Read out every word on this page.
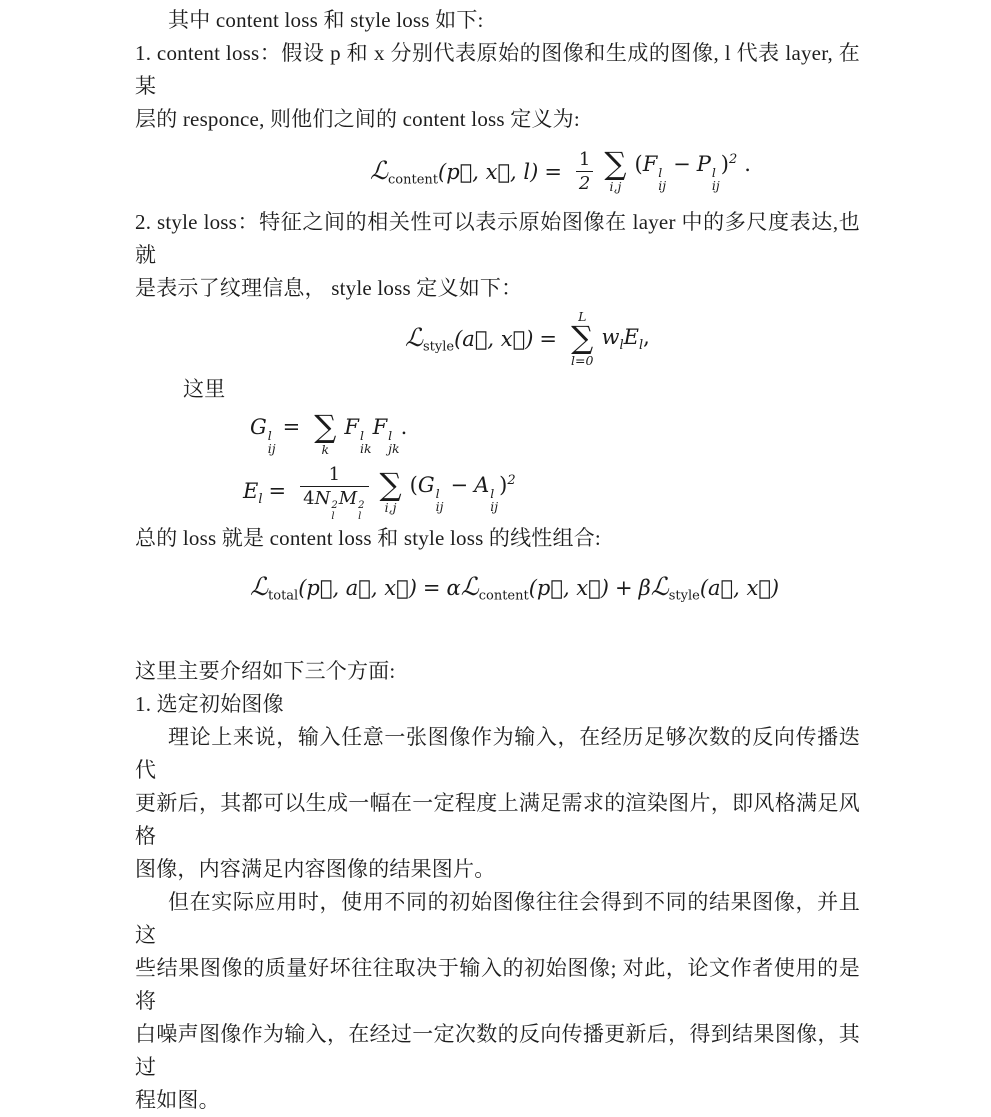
其中 content loss 和 style loss 如下:
1. content loss：假设 p 和 x 分别代表原始的图像和生成的图像, l 代表 layer, 在某
层的 responce, 则他们之间的 content loss 定义为:
ℒ$_{content}$(p⃗, x⃗, $l) = \frac{1}{2}$ ∑
i,j
(F l
ij
− P l
ij
)$^2$ .
2. style loss：特征之间的相关性可以表示原始图像在 layer 中的多尺度表达,也就
是表示了纹理信息， style loss 定义如下：
ℒ$_{style}$(a⃗, x⃗) =
L
∑
l=0
$w_lE_l$,
这里
G l
ij
= ∑
k
F l
ik
F l
jk
.
$E_l = 1$
4N 2
l
M 2
l ∑
i,j
(G l
ij
− A l
ij
)$^2$
总的 loss 就是 content loss 和 style loss 的线性组合:
ℒ$_{total}$(p⃗, a⃗, x⃗) = αℒ$_{content}$(p⃗, x⃗) + βℒ$_{style}$(a⃗, x⃗)
这里主要介绍如下三个方面:
1. 选定初始图像
理论上来说，输入任意一张图像作为输入，在经历足够次数的反向传播迭代
更新后，其都可以生成一幅在一定程度上满足需求的渲染图片，即风格满足风格
图像，内容满足内容图像的结果图片。
但在实际应用时，使用不同的初始图像往往会得到不同的结果图像，并且这
些结果图像的质量好坏往往取决于输入的初始图像; 对此，论文作者使用的是将
白噪声图像作为输入，在经过一定次数的反向传播更新后，得到结果图像，其过
程如图。
